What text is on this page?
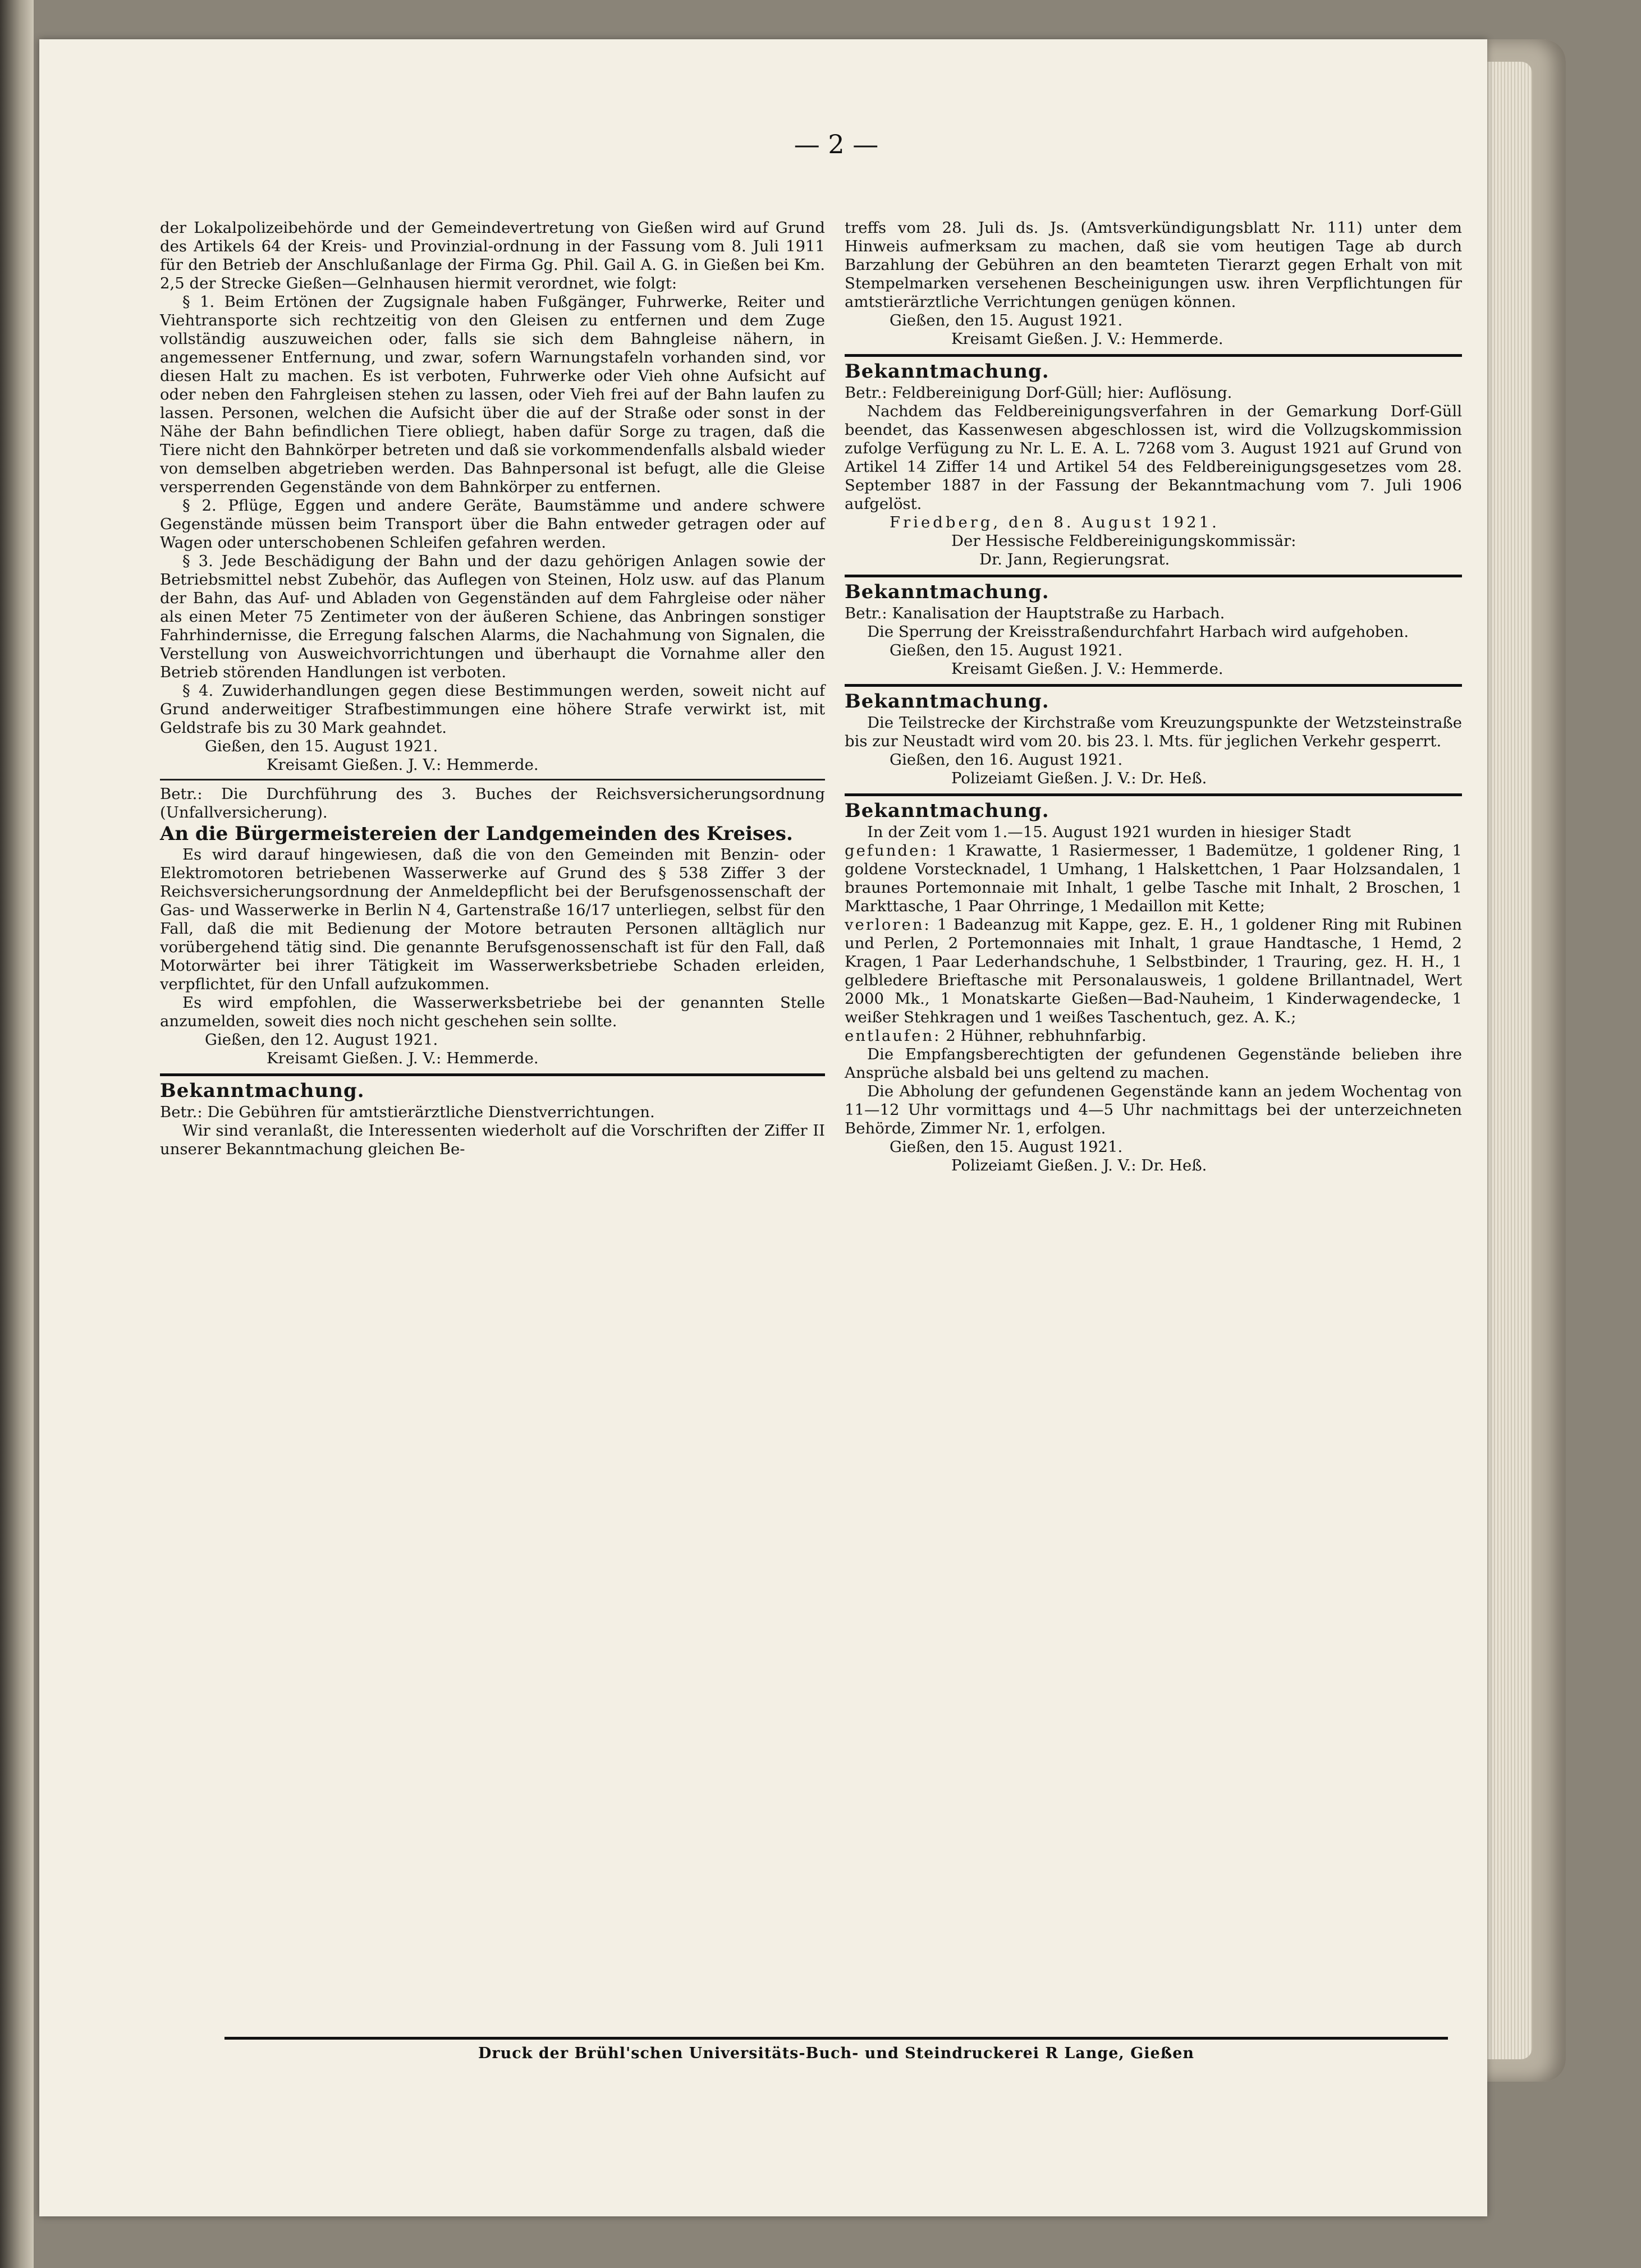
— 2 —

der Lokalpolizeibehörde und der Gemeindevertretung von Gießen wird auf Grund des Artikels 64 der Kreis- und Provinzial-ordnung in der Fassung vom 8. Juli 1911 für den Betrieb der Anschlußanlage der Firma Gg. Phil. Gail A. G. in Gießen bei Km. 2,5 der Strecke Gießen—Gelnhausen hiermit verordnet, wie folgt:

§ 1. Beim Ertönen der Zugsignale haben Fußgänger, Fuhrwerke, Reiter und Viehtransporte sich rechtzeitig von den Gleisen zu entfernen und dem Zuge vollständig auszuweichen oder, falls sie sich dem Bahngleise nähern, in angemessener Entfernung, und zwar, sofern Warnungstafeln vorhanden sind, vor diesen Halt zu machen. Es ist verboten, Fuhrwerke oder Vieh ohne Aufsicht auf oder neben den Fahrgleisen stehen zu lassen, oder Vieh frei auf der Bahn laufen zu lassen. Personen, welchen die Aufsicht über die auf der Straße oder sonst in der Nähe der Bahn befindlichen Tiere obliegt, haben dafür Sorge zu tragen, daß die Tiere nicht den Bahnkörper betreten und daß sie vorkommendenfalls alsbald wieder von demselben abgetrieben werden. Das Bahnpersonal ist befugt, alle die Gleise versperrenden Gegenstände von dem Bahnkörper zu entfernen.

§ 2. Pflüge, Eggen und andere Geräte, Baumstämme und andere schwere Gegenstände müssen beim Transport über die Bahn entweder getragen oder auf Wagen oder unterschobenen Schleifen gefahren werden.

§ 3. Jede Beschädigung der Bahn und der dazu gehörigen Anlagen sowie der Betriebsmittel nebst Zubehör, das Auflegen von Steinen, Holz usw. auf das Planum der Bahn, das Auf- und Abladen von Gegenständen auf dem Fahrgleise oder näher als einen Meter 75 Zentimeter von der äußeren Schiene, das Anbringen sonstiger Fahrhindernisse, die Erregung falschen Alarms, die Nachahmung von Signalen, die Verstellung von Ausweichvorrichtungen und überhaupt die Vornahme aller den Betrieb störenden Handlungen ist verboten.

§ 4. Zuwiderhandlungen gegen diese Bestimmungen werden, soweit nicht auf Grund anderweitiger Strafbestimmungen eine höhere Strafe verwirkt ist, mit Geldstrafe bis zu 30 Mark geahndet.

Gießen, den 15. August 1921.

Kreisamt Gießen. J. V.: Hemmerde.

Betr.: Die Durchführung des 3. Buches der Reichsversicherungsordnung (Unfallversicherung).

An die Bürgermeistereien der Landgemeinden des Kreises.

Es wird darauf hingewiesen, daß die von den Gemeinden mit Benzin- oder Elektromotoren betriebenen Wasserwerke auf Grund des § 538 Ziffer 3 der Reichsversicherungsordnung der Anmeldepflicht bei der Berufsgenossenschaft der Gas- und Wasserwerke in Berlin N 4, Gartenstraße 16/17 unterliegen, selbst für den Fall, daß die mit Bedienung der Motore betrauten Personen alltäglich nur vorübergehend tätig sind. Die genannte Berufsgenossenschaft ist für den Fall, daß Motorwärter bei ihrer Tätigkeit im Wasserwerksbetriebe Schaden erleiden, verpflichtet, für den Unfall aufzukommen.

Es wird empfohlen, die Wasserwerksbetriebe bei der genannten Stelle anzumelden, soweit dies noch nicht geschehen sein sollte.

Gießen, den 12. August 1921.

Kreisamt Gießen. J. V.: Hemmerde.

Bekanntmachung.

Betr.: Die Gebühren für amtstierärztliche Dienstverrichtungen.

Wir sind veranlaßt, die Interessenten wiederholt auf die Vorschriften der Ziffer II unserer Bekanntmachung gleichen Be-

treffs vom 28. Juli ds. Js. (Amtsverkündigungsblatt Nr. 111) unter dem Hinweis aufmerksam zu machen, daß sie vom heutigen Tage ab durch Barzahlung der Gebühren an den beamteten Tierarzt gegen Erhalt von mit Stempelmarken versehenen Bescheinigungen usw. ihren Verpflichtungen für amtstierärztliche Verrichtungen genügen können.

Gießen, den 15. August 1921.

Kreisamt Gießen. J. V.: Hemmerde.

Bekanntmachung.

Betr.: Feldbereinigung Dorf-Güll; hier: Auflösung.

Nachdem das Feldbereinigungsverfahren in der Gemarkung Dorf-Güll beendet, das Kassenwesen abgeschlossen ist, wird die Vollzugskommission zufolge Verfügung zu Nr. L. E. A. L. 7268 vom 3. August 1921 auf Grund von Artikel 14 Ziffer 14 und Artikel 54 des Feldbereinigungsgesetzes vom 28. September 1887 in der Fassung der Bekanntmachung vom 7. Juli 1906 aufgelöst.

Friedberg, den 8. August 1921.

Der Hessische Feldbereinigungskommissär:

Dr. Jann, Regierungsrat.

Bekanntmachung.

Betr.: Kanalisation der Hauptstraße zu Harbach.

Die Sperrung der Kreisstraßendurchfahrt Harbach wird aufgehoben.

Gießen, den 15. August 1921.

Kreisamt Gießen. J. V.: Hemmerde.

Bekanntmachung.

Die Teilstrecke der Kirchstraße vom Kreuzungspunkte der Wetzsteinstraße bis zur Neustadt wird vom 20. bis 23. l. Mts. für jeglichen Verkehr gesperrt.

Gießen, den 16. August 1921.

Polizeiamt Gießen. J. V.: Dr. Heß.

Bekanntmachung.

In der Zeit vom 1.—15. August 1921 wurden in hiesiger Stadt

gefunden: 1 Krawatte, 1 Rasiermesser, 1 Bademütze, 1 goldener Ring, 1 goldene Vorstecknadel, 1 Umhang, 1 Halskettchen, 1 Paar Holzsandalen, 1 braunes Portemonnaie mit Inhalt, 1 gelbe Tasche mit Inhalt, 2 Broschen, 1 Markttasche, 1 Paar Ohrringe, 1 Medaillon mit Kette;

verloren: 1 Badeanzug mit Kappe, gez. E. H., 1 goldener Ring mit Rubinen und Perlen, 2 Portemonnaies mit Inhalt, 1 graue Handtasche, 1 Hemd, 2 Kragen, 1 Paar Lederhandschuhe, 1 Selbstbinder, 1 Trauring, gez. H. H., 1 gelbledere Brieftasche mit Personalausweis, 1 goldene Brillantnadel, Wert 2000 Mk., 1 Monatskarte Gießen—Bad-Nauheim, 1 Kinderwagendecke, 1 weißer Stehkragen und 1 weißes Taschentuch, gez. A. K.;

entlaufen: 2 Hühner, rebhuhnfarbig.

Die Empfangsberechtigten der gefundenen Gegenstände belieben ihre Ansprüche alsbald bei uns geltend zu machen.

Die Abholung der gefundenen Gegenstände kann an jedem Wochentag von 11—12 Uhr vormittags und 4—5 Uhr nachmittags bei der unterzeichneten Behörde, Zimmer Nr. 1, erfolgen.

Gießen, den 15. August 1921.

Polizeiamt Gießen. J. V.: Dr. Heß.

Druck der Brühl'schen Universitäts-Buch- und Steindruckerei R Lange, Gießen
